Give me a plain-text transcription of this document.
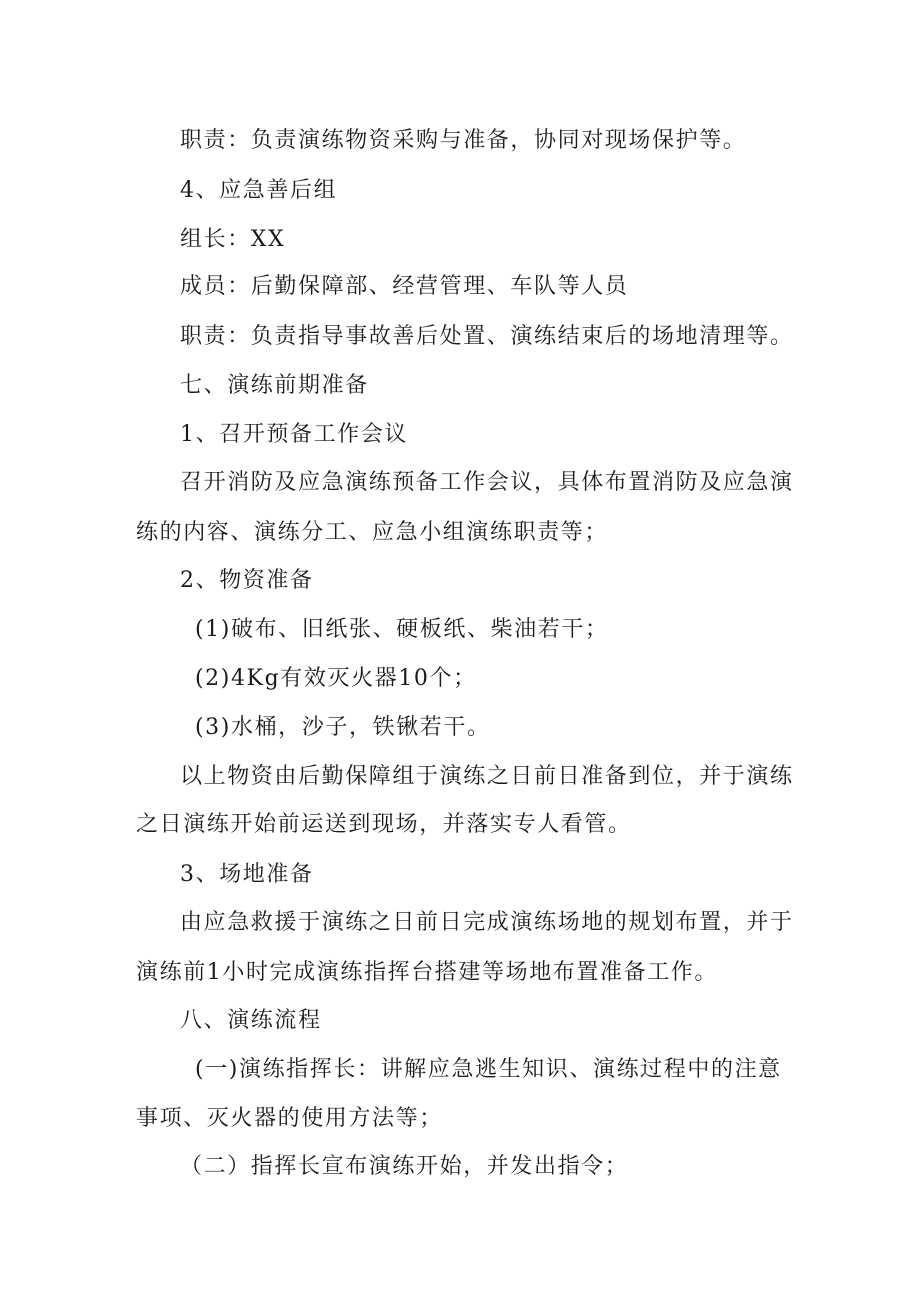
职责：负责演练物资采购与准备，协同对现场保护等。
4、应急善后组
组长：XX
成员：后勤保障部、经营管理、车队等人员
职责：负责指导事故善后处置、演练结束后的场地清理等。
七、演练前期准备
1、召开预备工作会议
召开消防及应急演练预备工作会议，具体布置消防及应急演
练的内容、演练分工、应急小组演练职责等；
2、物资准备
(1)破布、旧纸张、硬板纸、柴油若干；
(2)4Kg有效灭火器10个；
(3)水桶，沙子，铁锹若干。
以上物资由后勤保障组于演练之日前日准备到位，并于演练
之日演练开始前运送到现场，并落实专人看管。
3、场地准备
由应急救援于演练之日前日完成演练场地的规划布置，并于
演练前1小时完成演练指挥台搭建等场地布置准备工作。
八、演练流程
(一)演练指挥长：讲解应急逃生知识、演练过程中的注意
事项、灭火器的使用方法等；
（二）指挥长宣布演练开始，并发出指令；
